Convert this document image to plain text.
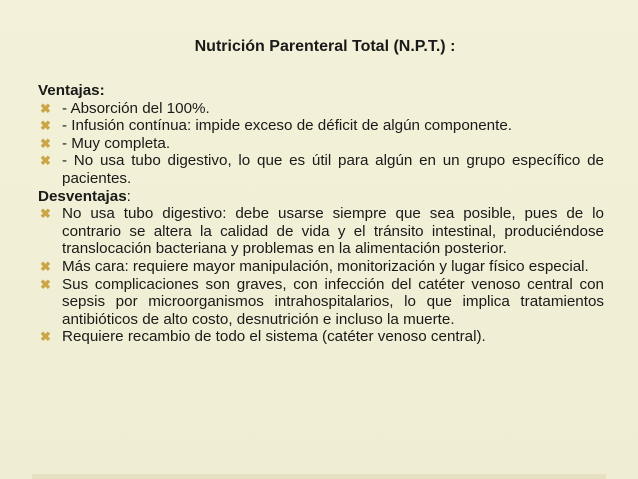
Nutrición Parenteral Total (N.P.T.) :
Ventajas:
✖ - Absorción del 100%.
✖ - Infusión contínua: impide exceso de déficit de algún componente.
✖ - Muy completa.
✖ - No usa tubo digestivo, lo que es útil para algún en un grupo específico de pacientes.
Desventajas:
✖ No usa tubo digestivo: debe usarse siempre que sea posible, pues de lo contrario se altera la calidad de vida y el tránsito intestinal, produciéndose translocación bacteriana y problemas en la alimentación posterior.
✖ Más cara: requiere mayor manipulación, monitorización y lugar físico especial.
✖ Sus complicaciones son graves, con infección del catéter venoso central con sepsis por microorganismos intrahospitalarios, lo que implica tratamientos antibióticos de alto costo, desnutrición e incluso la muerte.
✖ Requiere recambio de todo el sistema (catéter venoso central).
